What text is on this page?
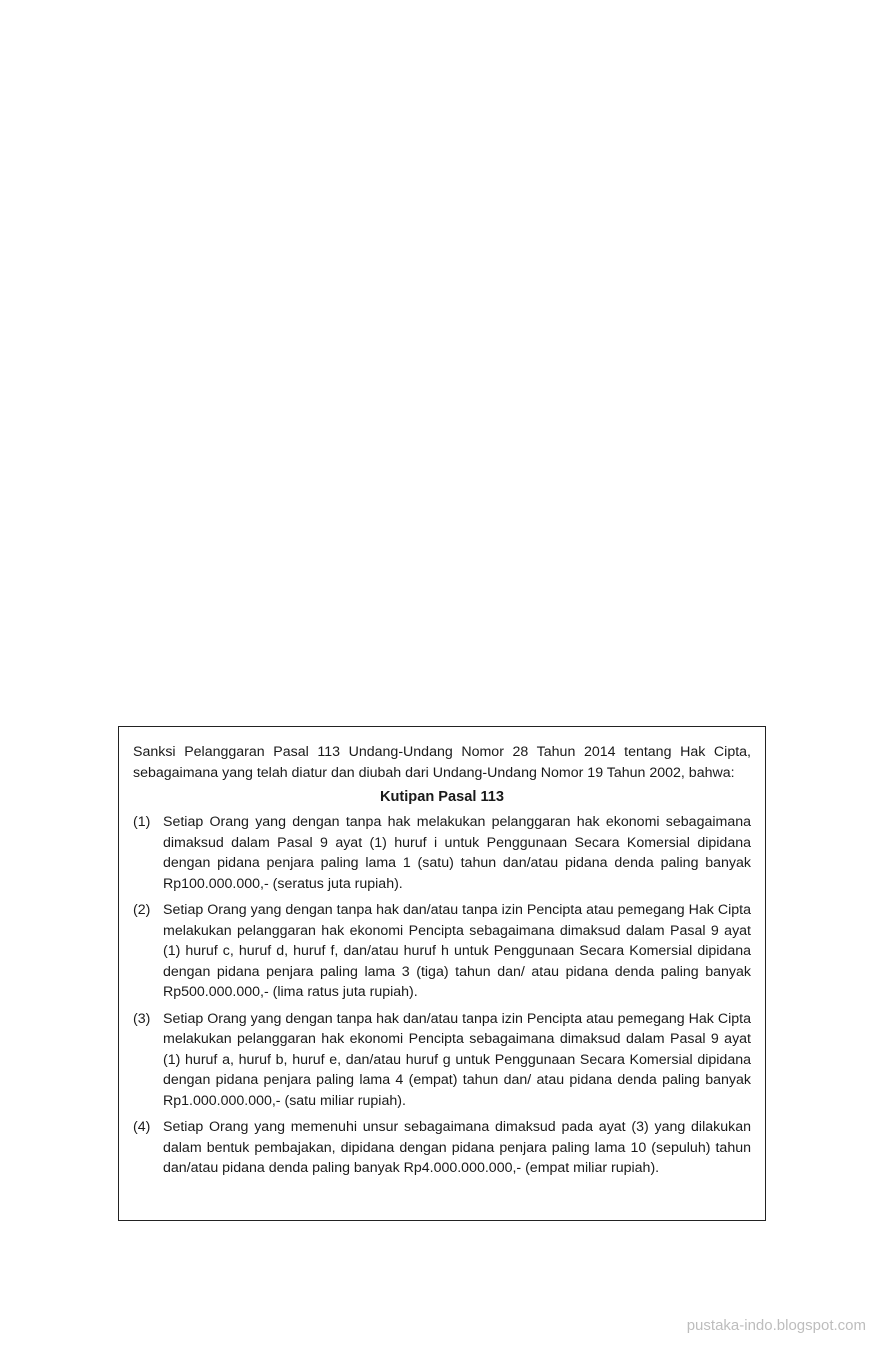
Sanksi Pelanggaran Pasal 113 Undang-Undang Nomor 28 Tahun 2014 tentang Hak Cipta, sebagaimana yang telah diatur dan diubah dari Undang-Undang Nomor 19 Tahun 2002, bahwa:

Kutipan Pasal 113
(1) Setiap Orang yang dengan tanpa hak melakukan pelanggaran hak ekonomi sebagaimana dimaksud dalam Pasal 9 ayat (1) huruf i untuk Penggunaan Secara Komersial dipidana dengan pidana penjara paling lama 1 (satu) tahun dan/atau pidana denda paling banyak Rp100.000.000,- (seratus juta rupiah).
(2) Setiap Orang yang dengan tanpa hak dan/atau tanpa izin Pencipta atau pemegang Hak Cipta melakukan pelanggaran hak ekonomi Pencipta sebagaimana dimaksud dalam Pasal 9 ayat (1) huruf c, huruf d, huruf f, dan/atau huruf h untuk Penggunaan Secara Komersial dipidana dengan pidana penjara paling lama 3 (tiga) tahun dan/ atau pidana denda paling banyak Rp500.000.000,- (lima ratus juta rupiah).
(3) Setiap Orang yang dengan tanpa hak dan/atau tanpa izin Pencipta atau pemegang Hak Cipta melakukan pelanggaran hak ekonomi Pencipta sebagaimana dimaksud dalam Pasal 9 ayat (1) huruf a, huruf b, huruf e, dan/atau huruf g untuk Penggunaan Secara Komersial dipidana dengan pidana penjara paling lama 4 (empat) tahun dan/ atau pidana denda paling banyak Rp1.000.000.000,- (satu miliar rupiah).
(4) Setiap Orang yang memenuhi unsur sebagaimana dimaksud pada ayat (3) yang dilakukan dalam bentuk pembajakan, dipidana dengan pidana penjara paling lama 10 (sepuluh) tahun dan/atau pidana denda paling banyak Rp4.000.000.000,- (empat miliar rupiah).
pustaka-indo.blogspot.com
